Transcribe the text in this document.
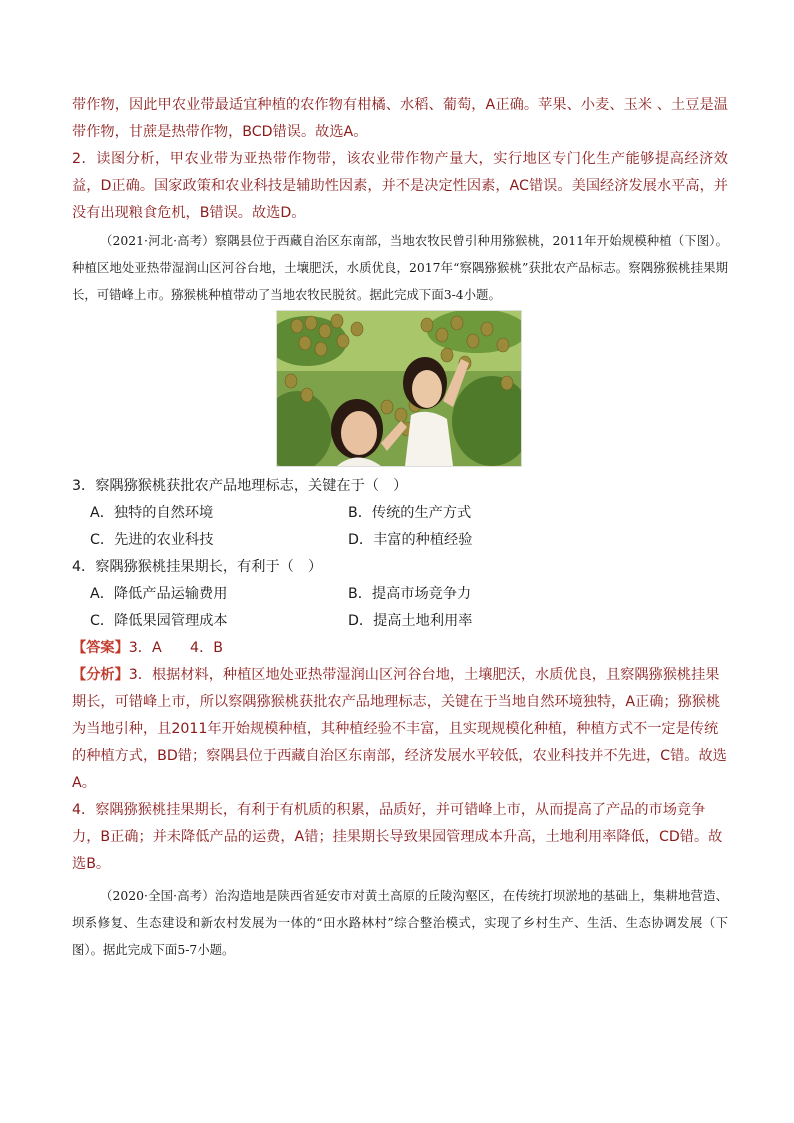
带作物，因此甲农业带最适宜种植的农作物有柑橘、水稻、葡萄，A正确。苹果、小麦、玉米 、土豆是温带作物，甘蔗是热带作物，BCD错误。故选A。

2．读图分析，甲农业带为亚热带作物带，该农业带作物产量大，实行地区专门化生产能够提高经济效益，D正确。国家政策和农业科技是辅助性因素，并不是决定性因素，AC错误。美国经济发展水平高，并没有出现粮食危机，B错误。故选D。

（2021·河北·高考）察隅县位于西藏自治区东南部，当地农牧民曾引种用猕猴桃，2011年开始规模种植（下图）。种植区地处亚热带湿润山区河谷台地，土壤肥沃，水质优良，2017年“察隅猕猴桃”获批农产品标志。察隅猕猴桃挂果期长，可错峰上市。猕猴桃种植带动了当地农牧民脱贫。据此完成下面3-4小题。

3．察隅猕猴桃获批农产品地理标志，关键在于（　）

A．独特的自然环境	B．传统的生产方式
C．先进的农业科技	D．丰富的种植经验

4．察隅猕猴桃挂果期长，有利于（　）

A．降低产品运输费用	B．提高市场竞争力
C．降低果园管理成本	D．提高土地利用率

【答案】3．A　　4．B

【分析】3．根据材料，种植区地处亚热带湿润山区河谷台地，土壤肥沃，水质优良，且察隅猕猴桃挂果期长，可错峰上市，所以察隅猕猴桃获批农产品地理标志，关键在于当地自然环境独特，A正确；猕猴桃为当地引种，且2011年开始规模种植，其种植经验不丰富，且实现规模化种植，种植方式不一定是传统的种植方式，BD错；察隅县位于西藏自治区东南部，经济发展水平较低，农业科技并不先进，C错。故选A。

4．察隅猕猴桃挂果期长，有利于有机质的积累，品质好，并可错峰上市，从而提高了产品的市场竞争力，B正确；并未降低产品的运费，A错；挂果期长导致果园管理成本升高，土地利用率降低，CD错。故选B。

（2020·全国·高考）治沟造地是陕西省延安市对黄土高原的丘陵沟壑区，在传统打坝淤地的基础上，集耕地营造、坝系修复、生态建设和新农村发展为一体的“田水路林村”综合整治模式，实现了乡村生产、生活、生态协调发展（下图）。据此完成下面5-7小题。
